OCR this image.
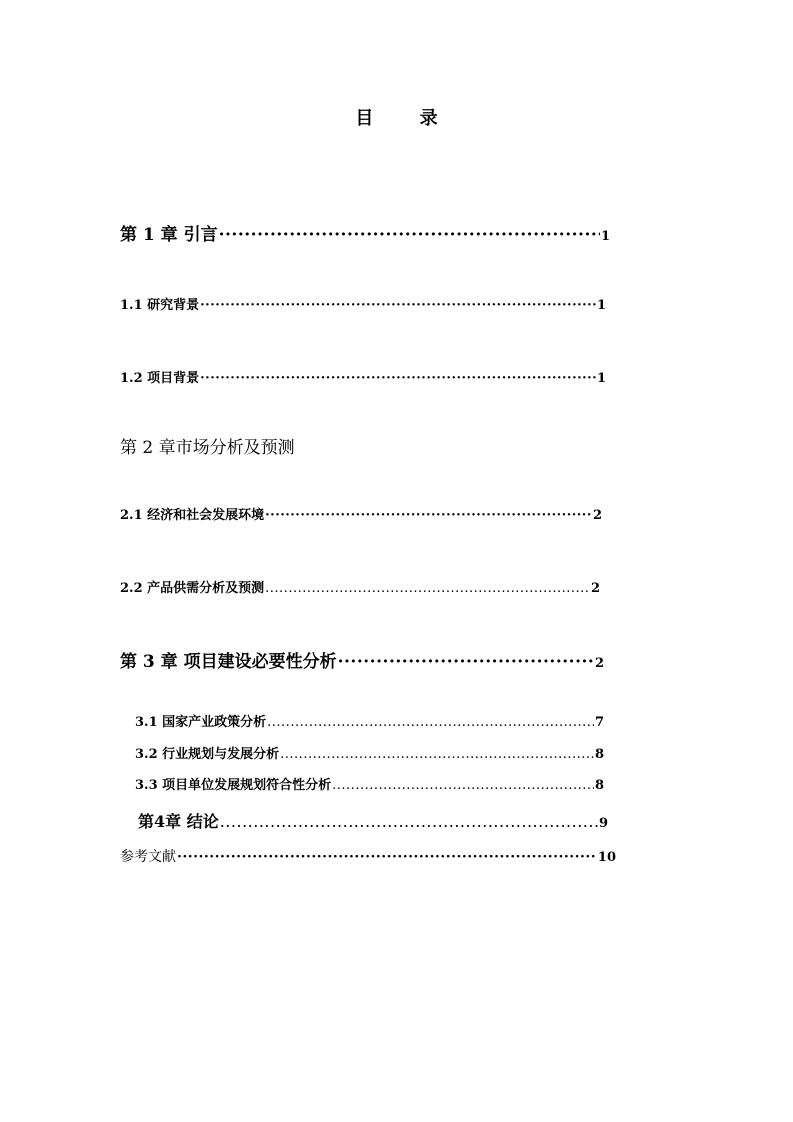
目 录
第 1 章 引言 ·····	1
1.1 研究背景 ·····	1
1.2 项目背景 ·····	1
第 2 章市场分析及预测
2.1 经济和社会发展环境 ·····	2
2.2 产品供需分析及预测 .....	2
第 3 章 项目建设必要性分析 ·····	2
3.1 国家产业政策分析 .....	7
3.2 行业规划与发展分析 .....	8
3.3 项目单位发展规划符合性分析 .....	8
第4章 结论 .....	9
参考文献 ·····	10
